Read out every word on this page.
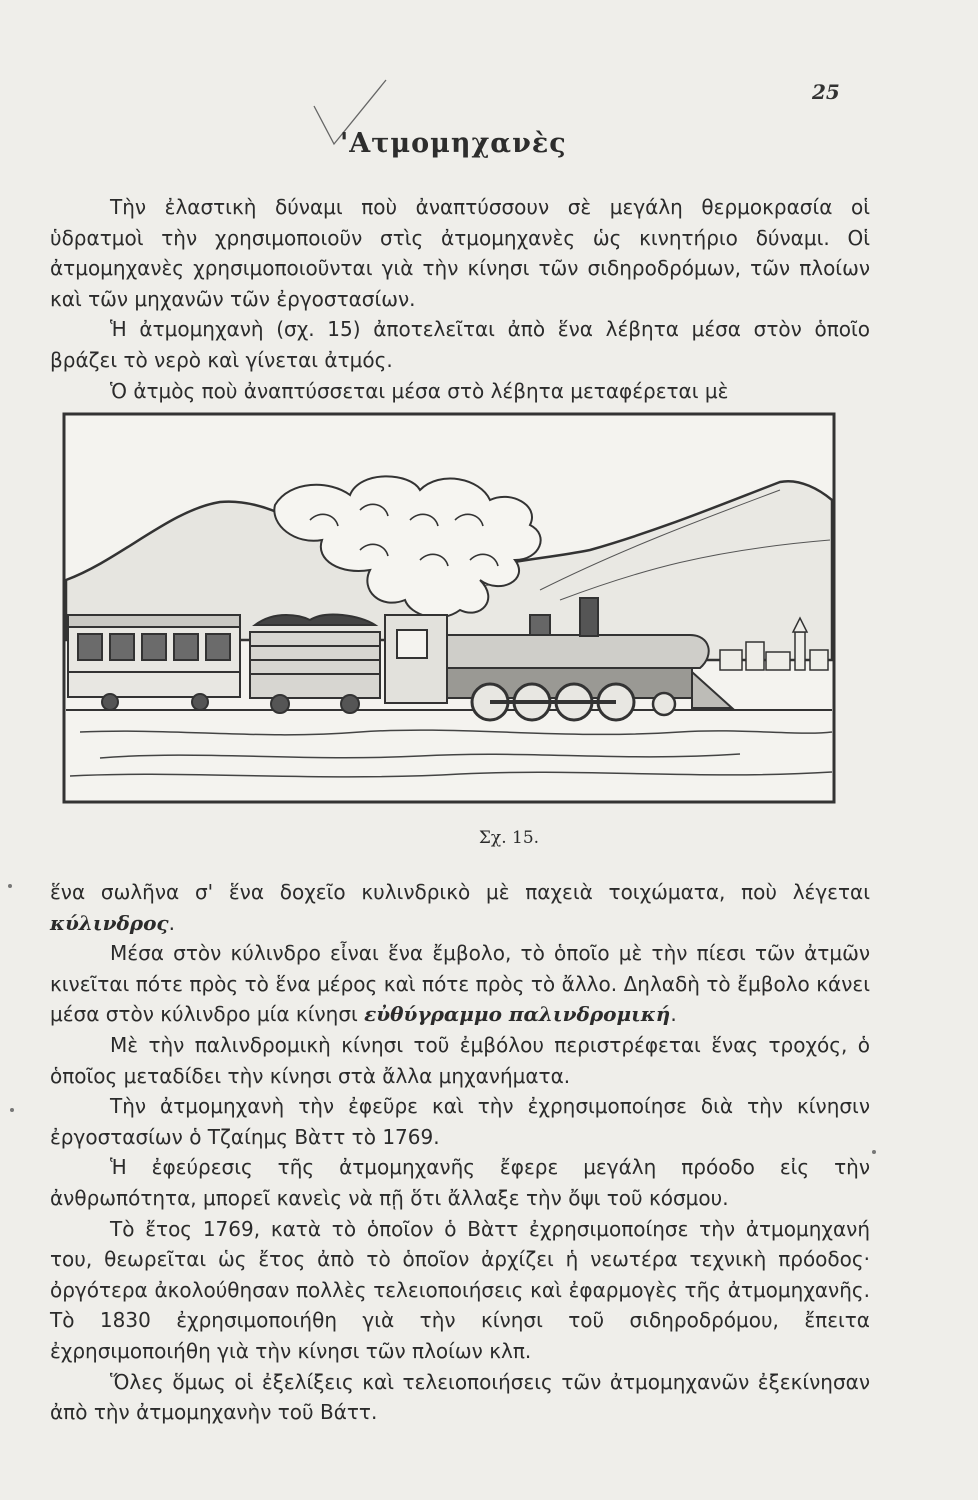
25
'Ατμομηχανὲς

Τὴν ἐλαστικὴ δύναμι ποὺ ἀναπτύσσουν σὲ μεγάλη θερμοκρασία οἱ ὑδρατμοὶ τὴν χρησιμοποιοῦν στὶς ἀτμομηχανὲς ὡς κινητήριο δύναμι. Οἱ ἀτμομηχανὲς χρησιμοποιοῦνται γιὰ τὴν κίνησι τῶν σιδηροδρόμων, τῶν πλοίων καὶ τῶν μηχανῶν τῶν ἐργοστασίων.

Ἡ ἀτμομηχανὴ (σχ. 15) ἀποτελεῖται ἀπὸ ἕνα λέβητα μέσα στὸν ὁποῖο βράζει τὸ νερὸ καὶ γίνεται ἀτμός.

Ὁ ἀτμὸς ποὺ ἀναπτύσσεται μέσα στὸ λέβητα μεταφέρεται μὲ

Σχ. 15.

ἕνα σωλῆνα σ' ἕνα δοχεῖο κυλινδρικὸ μὲ παχειὰ τοιχώματα, ποὺ λέγεται κύλινδρος.

Μέσα στὸν κύλινδρο εἶναι ἕνα ἔμβολο, τὸ ὁποῖο μὲ τὴν πίεσι τῶν ἀτμῶν κινεῖται πότε πρὸς τὸ ἕνα μέρος καὶ πότε πρὸς τὸ ἄλλο. Δηλαδὴ τὸ ἔμβολο κάνει μέσα στὸν κύλινδρο μία κίνησι εὐθύγραμμο παλινδρομική.

Μὲ τὴν παλινδρομικὴ κίνησι τοῦ ἐμβόλου περιστρέφεται ἕνας τροχός, ὁ ὁποῖος μεταδίδει τὴν κίνησι στὰ ἄλλα μηχανήματα.

Τὴν ἀτμομηχανὴ τὴν ἐφεῦρε καὶ τὴν ἐχρησιμοποίησε διὰ τὴν κίνησιν ἐργοστασίων ὁ Τζαίημς Βὰττ τὸ 1769.

Ἡ ἐφεύρεσις τῆς ἀτμομηχανῆς ἔφερε μεγάλη πρόοδο εἰς τὴν ἀνθρωπότητα, μπορεῖ κανεὶς νὰ πῇ ὅτι ἄλλαξε τὴν ὄψι τοῦ κόσμου.

Τὸ ἔτος 1769, κατὰ τὸ ὁποῖον ὁ Βὰττ ἐχρησιμοποίησε τὴν ἀτμομηχανή του, θεωρεῖται ὡς ἔτος ἀπὸ τὸ ὁποῖον ἀρχίζει ἡ νεωτέρα τεχνικὴ πρόοδος· ὀργότερα ἀκολούθησαν πολλὲς τελειοποιήσεις καὶ ἐφαρμογὲς τῆς ἀτμομηχανῆς. Τὸ 1830 ἐχρησιμοποιήθη γιὰ τὴν κίνησι τοῦ σιδηροδρόμου, ἔπειτα ἐχρησιμοποιήθη γιὰ τὴν κίνησι τῶν πλοίων κλπ.

Ὅλες ὅμως οἱ ἐξελίξεις καὶ τελειοποιήσεις τῶν ἀτμομηχανῶν ἐξεκίνησαν ἀπὸ τὴν ἀτμομηχανὴν τοῦ Βάττ.
